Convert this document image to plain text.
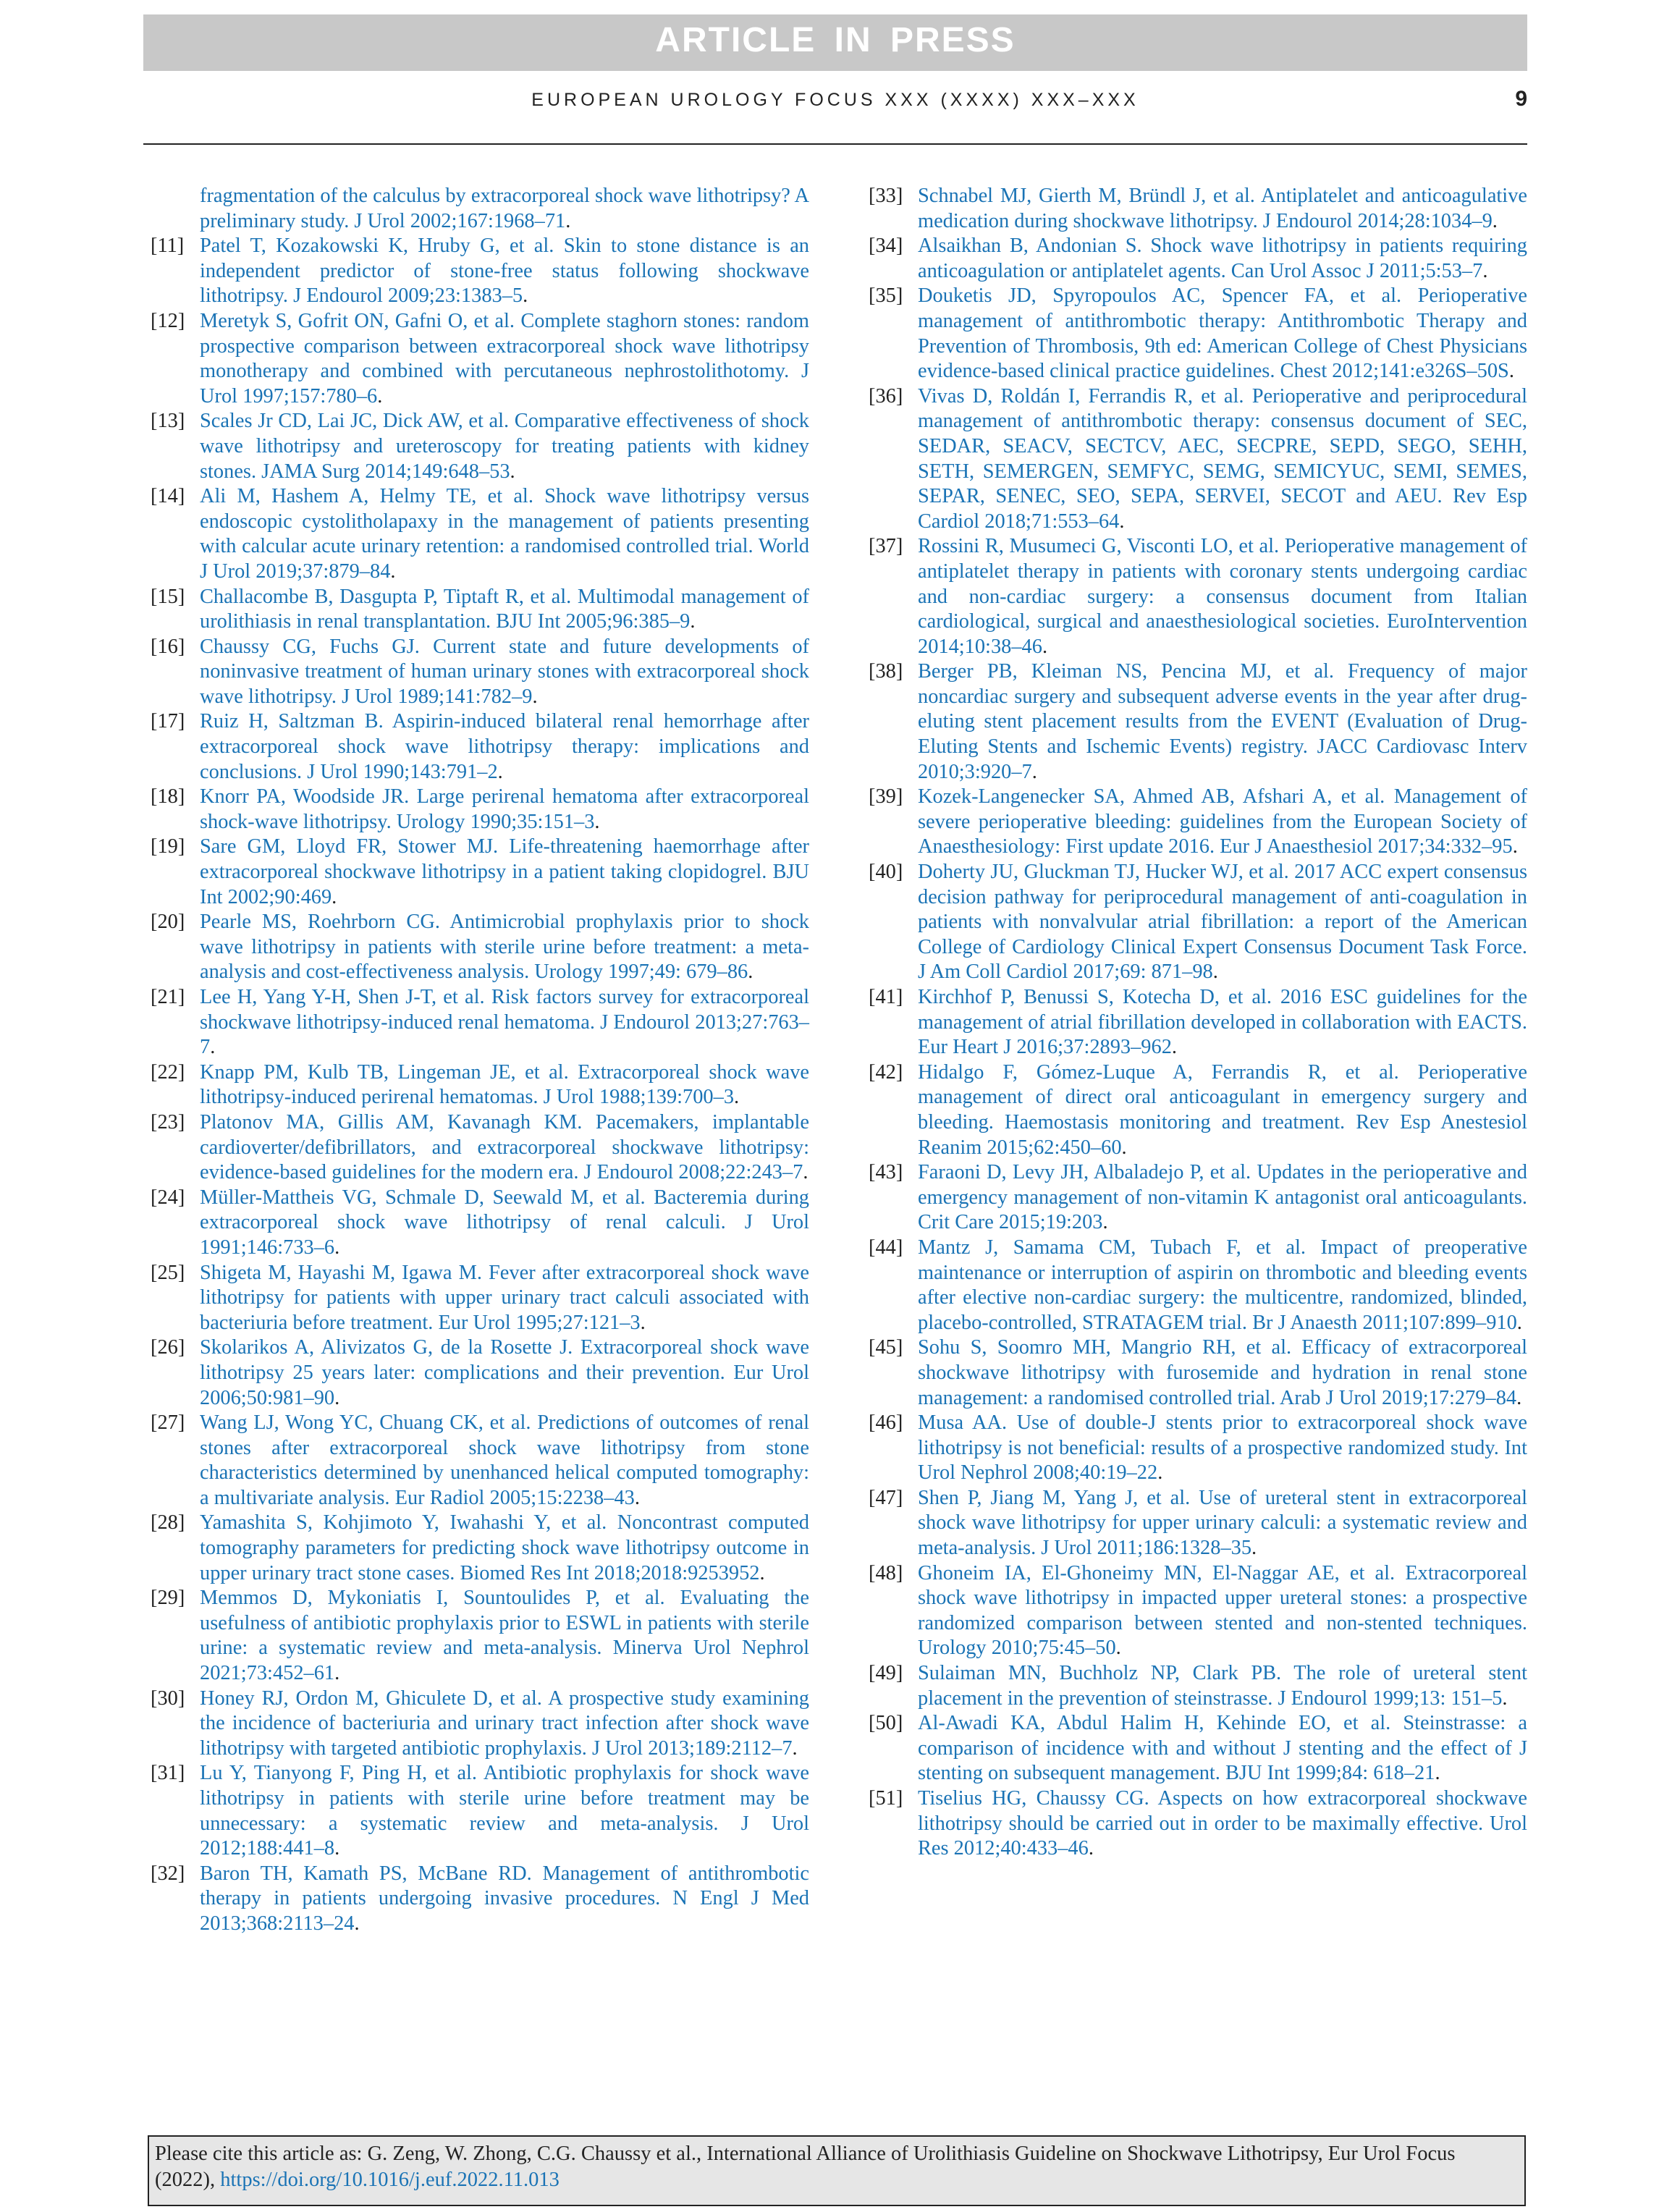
ARTICLE IN PRESS
EUROPEAN UROLOGY FOCUS XXX (XXXX) XXX–XXX	9
fragmentation of the calculus by extracorporeal shock wave lithotripsy? A preliminary study. J Urol 2002;167:1968–71.
[11] Patel T, Kozakowski K, Hruby G, et al. Skin to stone distance is an independent predictor of stone-free status following shockwave lithotripsy. J Endourol 2009;23:1383–5.
[12] Meretyk S, Gofrit ON, Gafni O, et al. Complete staghorn stones: random prospective comparison between extracorporeal shock wave lithotripsy monotherapy and combined with percutaneous nephrostolithotomy. J Urol 1997;157:780–6.
[13] Scales Jr CD, Lai JC, Dick AW, et al. Comparative effectiveness of shock wave lithotripsy and ureteroscopy for treating patients with kidney stones. JAMA Surg 2014;149:648–53.
[14] Ali M, Hashem A, Helmy TE, et al. Shock wave lithotripsy versus endoscopic cystolitholapaxy in the management of patients presenting with calcular acute urinary retention: a randomised controlled trial. World J Urol 2019;37:879–84.
[15] Challacombe B, Dasgupta P, Tiptaft R, et al. Multimodal management of urolithiasis in renal transplantation. BJU Int 2005;96:385–9.
[16] Chaussy CG, Fuchs GJ. Current state and future developments of noninvasive treatment of human urinary stones with extracorporeal shock wave lithotripsy. J Urol 1989;141:782–9.
[17] Ruiz H, Saltzman B. Aspirin-induced bilateral renal hemorrhage after extracorporeal shock wave lithotripsy therapy: implications and conclusions. J Urol 1990;143:791–2.
[18] Knorr PA, Woodside JR. Large perirenal hematoma after extracorporeal shock-wave lithotripsy. Urology 1990;35:151–3.
[19] Sare GM, Lloyd FR, Stower MJ. Life-threatening haemorrhage after extracorporeal shockwave lithotripsy in a patient taking clopidogrel. BJU Int 2002;90:469.
[20] Pearle MS, Roehrborn CG. Antimicrobial prophylaxis prior to shock wave lithotripsy in patients with sterile urine before treatment: a meta-analysis and cost-effectiveness analysis. Urology 1997;49: 679–86.
[21] Lee H, Yang Y-H, Shen J-T, et al. Risk factors survey for extracorporeal shockwave lithotripsy-induced renal hematoma. J Endourol 2013;27:763–7.
[22] Knapp PM, Kulb TB, Lingeman JE, et al. Extracorporeal shock wave lithotripsy-induced perirenal hematomas. J Urol 1988;139:700–3.
[23] Platonov MA, Gillis AM, Kavanagh KM. Pacemakers, implantable cardioverter/defibrillators, and extracorporeal shockwave lithotripsy: evidence-based guidelines for the modern era. J Endourol 2008;22:243–7.
[24] Müller-Mattheis VG, Schmale D, Seewald M, et al. Bacteremia during extracorporeal shock wave lithotripsy of renal calculi. J Urol 1991;146:733–6.
[25] Shigeta M, Hayashi M, Igawa M. Fever after extracorporeal shock wave lithotripsy for patients with upper urinary tract calculi associated with bacteriuria before treatment. Eur Urol 1995;27:121–3.
[26] Skolarikos A, Alivizatos G, de la Rosette J. Extracorporeal shock wave lithotripsy 25 years later: complications and their prevention. Eur Urol 2006;50:981–90.
[27] Wang LJ, Wong YC, Chuang CK, et al. Predictions of outcomes of renal stones after extracorporeal shock wave lithotripsy from stone characteristics determined by unenhanced helical computed tomography: a multivariate analysis. Eur Radiol 2005;15:2238–43.
[28] Yamashita S, Kohjimoto Y, Iwahashi Y, et al. Noncontrast computed tomography parameters for predicting shock wave lithotripsy outcome in upper urinary tract stone cases. Biomed Res Int 2018;2018:9253952.
[29] Memmos D, Mykoniatis I, Sountoulides P, et al. Evaluating the usefulness of antibiotic prophylaxis prior to ESWL in patients with sterile urine: a systematic review and meta-analysis. Minerva Urol Nephrol 2021;73:452–61.
[30] Honey RJ, Ordon M, Ghiculete D, et al. A prospective study examining the incidence of bacteriuria and urinary tract infection after shock wave lithotripsy with targeted antibiotic prophylaxis. J Urol 2013;189:2112–7.
[31] Lu Y, Tianyong F, Ping H, et al. Antibiotic prophylaxis for shock wave lithotripsy in patients with sterile urine before treatment may be unnecessary: a systematic review and meta-analysis. J Urol 2012;188:441–8.
[32] Baron TH, Kamath PS, McBane RD. Management of antithrombotic therapy in patients undergoing invasive procedures. N Engl J Med 2013;368:2113–24.
[33] Schnabel MJ, Gierth M, Bründl J, et al. Antiplatelet and anticoagulative medication during shockwave lithotripsy. J Endourol 2014;28:1034–9.
[34] Alsaikhan B, Andonian S. Shock wave lithotripsy in patients requiring anticoagulation or antiplatelet agents. Can Urol Assoc J 2011;5:53–7.
[35] Douketis JD, Spyropoulos AC, Spencer FA, et al. Perioperative management of antithrombotic therapy: Antithrombotic Therapy and Prevention of Thrombosis, 9th ed: American College of Chest Physicians evidence-based clinical practice guidelines. Chest 2012;141:e326S–50S.
[36] Vivas D, Roldán I, Ferrandis R, et al. Perioperative and periprocedural management of antithrombotic therapy: consensus document of SEC, SEDAR, SEACV, SECTCV, AEC, SECPRE, SEPD, SEGO, SEHH, SETH, SEMERGEN, SEMFYC, SEMG, SEMICYUC, SEMI, SEMES, SEPAR, SENEC, SEO, SEPA, SERVEI, SECOT and AEU. Rev Esp Cardiol 2018;71:553–64.
[37] Rossini R, Musumeci G, Visconti LO, et al. Perioperative management of antiplatelet therapy in patients with coronary stents undergoing cardiac and non-cardiac surgery: a consensus document from Italian cardiological, surgical and anaesthesiological societies. EuroIntervention 2014;10:38–46.
[38] Berger PB, Kleiman NS, Pencina MJ, et al. Frequency of major noncardiac surgery and subsequent adverse events in the year after drug-eluting stent placement results from the EVENT (Evaluation of Drug-Eluting Stents and Ischemic Events) registry. JACC Cardiovasc Interv 2010;3:920–7.
[39] Kozek-Langenecker SA, Ahmed AB, Afshari A, et al. Management of severe perioperative bleeding: guidelines from the European Society of Anaesthesiology: First update 2016. Eur J Anaesthesiol 2017;34:332–95.
[40] Doherty JU, Gluckman TJ, Hucker WJ, et al. 2017 ACC expert consensus decision pathway for periprocedural management of anti-coagulation in patients with nonvalvular atrial fibrillation: a report of the American College of Cardiology Clinical Expert Consensus Document Task Force. J Am Coll Cardiol 2017;69: 871–98.
[41] Kirchhof P, Benussi S, Kotecha D, et al. 2016 ESC guidelines for the management of atrial fibrillation developed in collaboration with EACTS. Eur Heart J 2016;37:2893–962.
[42] Hidalgo F, Gómez-Luque A, Ferrandis R, et al. Perioperative management of direct oral anticoagulant in emergency surgery and bleeding. Haemostasis monitoring and treatment. Rev Esp Anestesiol Reanim 2015;62:450–60.
[43] Faraoni D, Levy JH, Albaladejo P, et al. Updates in the perioperative and emergency management of non-vitamin K antagonist oral anticoagulants. Crit Care 2015;19:203.
[44] Mantz J, Samama CM, Tubach F, et al. Impact of preoperative maintenance or interruption of aspirin on thrombotic and bleeding events after elective non-cardiac surgery: the multicentre, randomized, blinded, placebo-controlled, STRATAGEM trial. Br J Anaesth 2011;107:899–910.
[45] Sohu S, Soomro MH, Mangrio RH, et al. Efficacy of extracorporeal shockwave lithotripsy with furosemide and hydration in renal stone management: a randomised controlled trial. Arab J Urol 2019;17:279–84.
[46] Musa AA. Use of double-J stents prior to extracorporeal shock wave lithotripsy is not beneficial: results of a prospective randomized study. Int Urol Nephrol 2008;40:19–22.
[47] Shen P, Jiang M, Yang J, et al. Use of ureteral stent in extracorporeal shock wave lithotripsy for upper urinary calculi: a systematic review and meta-analysis. J Urol 2011;186:1328–35.
[48] Ghoneim IA, El-Ghoneimy MN, El-Naggar AE, et al. Extracorporeal shock wave lithotripsy in impacted upper ureteral stones: a prospective randomized comparison between stented and non-stented techniques. Urology 2010;75:45–50.
[49] Sulaiman MN, Buchholz NP, Clark PB. The role of ureteral stent placement in the prevention of steinstrasse. J Endourol 1999;13: 151–5.
[50] Al-Awadi KA, Abdul Halim H, Kehinde EO, et al. Steinstrasse: a comparison of incidence with and without J stenting and the effect of J stenting on subsequent management. BJU Int 1999;84: 618–21.
[51] Tiselius HG, Chaussy CG. Aspects on how extracorporeal shockwave lithotripsy should be carried out in order to be maximally effective. Urol Res 2012;40:433–46.
Please cite this article as: G. Zeng, W. Zhong, C.G. Chaussy et al., International Alliance of Urolithiasis Guideline on Shockwave Lithotripsy, Eur Urol Focus (2022), https://doi.org/10.1016/j.euf.2022.11.013
